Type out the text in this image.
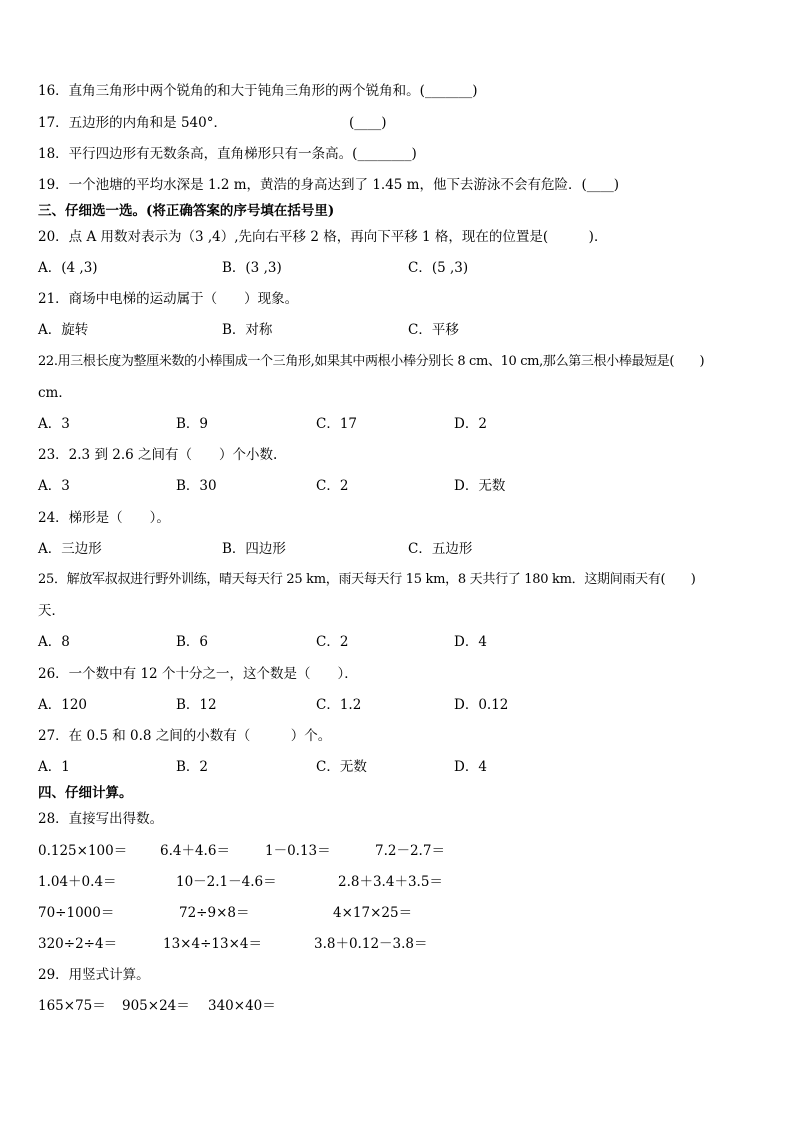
16．直角三角形中两个锐角的和大于钝角三角形的两个锐角和。(_______)
17．五边形的内角和是 540°．	(____)
18．平行四边形有无数条高，直角梯形只有一条高。(________)
19．一个池塘的平均水深是 1.2 m，黄浩的身高达到了 1.45 m，他下去游泳不会有危险．(____)
三、仔细选一选。(将正确答案的序号填在括号里)
20．点 A 用数对表示为（3 ,4）,先向右平移 2 格，再向下平移 1 格，现在的位置是(　　　)．
A．(4 ,3)	B．(3 ,3)	C．(5 ,3)
21．商场中电梯的运动属于（　　）现象。
A．旋转	B．对称	C．平移
22.用三根长度为整厘米数的小棒围成一个三角形,如果其中两根小棒分别长 8 cm、10 cm,那么第三根小棒最短是(　　)
cm．
A．3	B．9	C．17	D．2
23．2.3 到 2.6 之间有（　　）个小数.
A．3	B．30	C．2	D．无数
24．梯形是（　　）。
A．三边形	B．四边形	C．五边形
25．解放军叔叔进行野外训练，晴天每天行 25 km，雨天每天行 15 km，8 天共行了 180 km．这期间雨天有(　　)
天．
A．8	B．6	C．2	D．4
26．一个数中有 12 个十分之一，这个数是（　　）．
A．120	B．12	C．1.2	D．0.12
27．在 0.5 和 0.8 之间的小数有（　　　）个。
A．1	B．2	C．无数	D．4
四、仔细计算。
28．直接写出得数。
0.125×100＝ 6.4＋4.6＝	1－0.13＝	7.2－2.7＝
1.04＋0.4＝	10－2.1－4.6＝	2.8＋3.4＋3.5＝
70÷1000＝	72÷9×8＝	4×17×25＝
320÷2÷4＝	13×4÷13×4＝	3.8＋0.12－3.8＝
29．用竖式计算。
165×75＝ 905×24＝ 340×40＝
